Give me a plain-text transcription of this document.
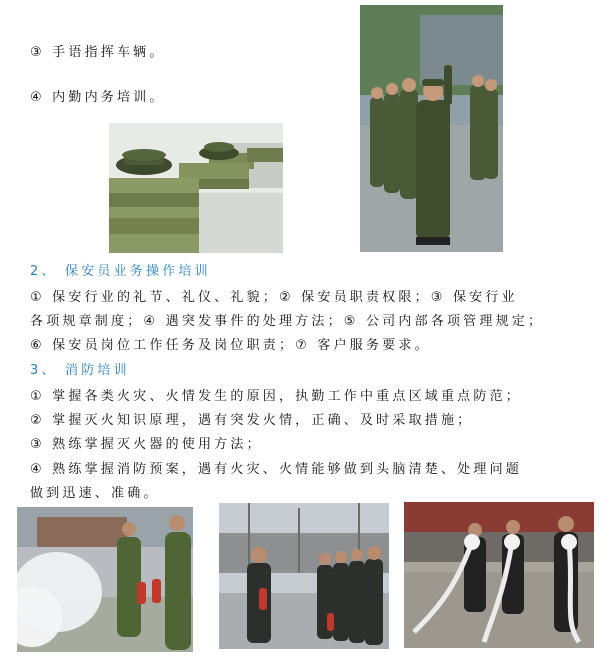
③ 手语指挥车辆。
④ 内勤内务培训。
2、 保安员业务操作培训
① 保安行业的礼节、礼仪、礼貌；② 保安员职责权限；③ 保安行业
各项规章制度；④ 遇突发事件的处理方法；⑤ 公司内部各项管理规定；
⑥ 保安员岗位工作任务及岗位职责；⑦ 客户服务要求。
3、 消防培训
① 掌握各类火灾、火情发生的原因，执勤工作中重点区域重点防范；
② 掌握灭火知识原理，遇有突发火情，正确、及时采取措施；
③ 熟练掌握灭火器的使用方法；
④ 熟练掌握消防预案，遇有火灾、火情能够做到头脑清楚、处理问题
做到迅速、准确。
